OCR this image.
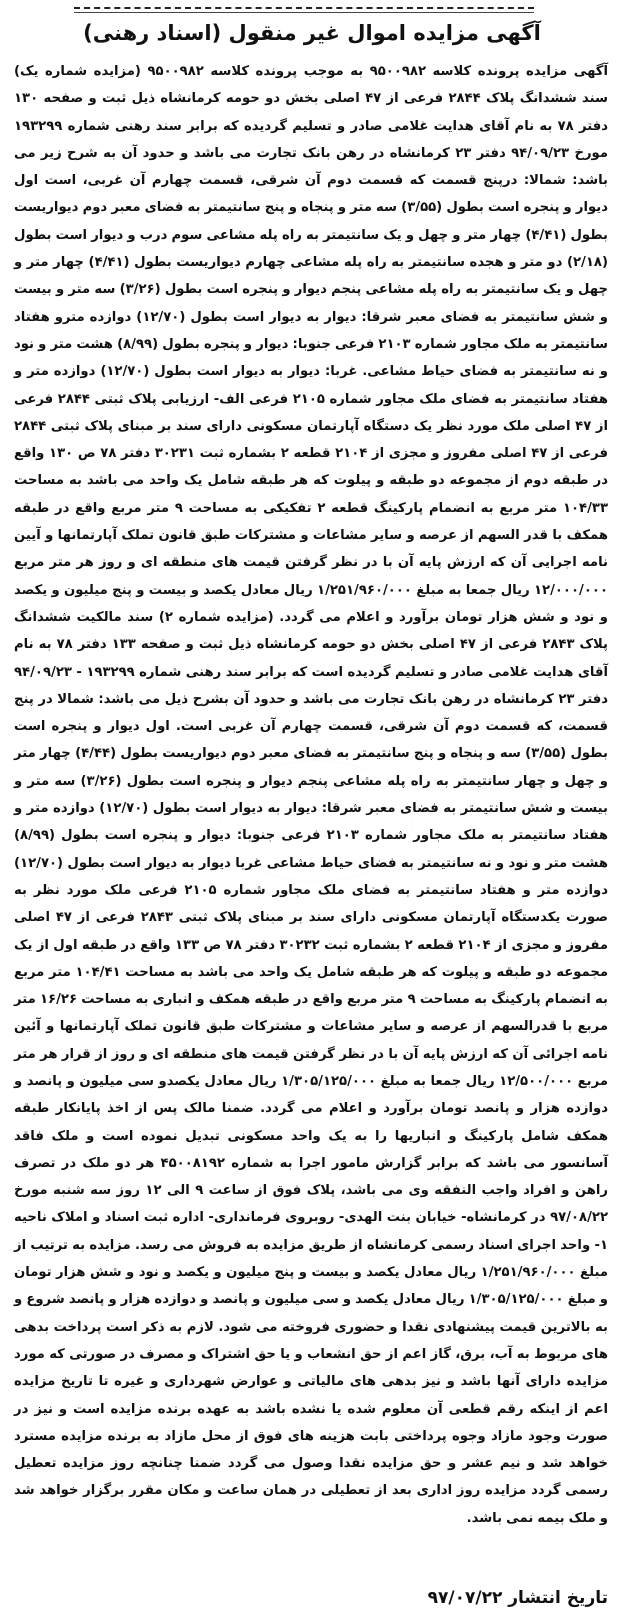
آگهی مزایده اموال غیر منقول (اسناد رهنی)
آگهی مزایده پرونده کلاسه ۹۵۰۰۹۸۲ به موجب پرونده کلاسه ۹۵۰۰۹۸۲ (مزایده شماره یک) سند ششدانگ پلاک ۲۸۴۴ فرعی از ۴۷ اصلی بخش دو حومه کرمانشاه ذیل ثبت و صفحه ۱۳۰ دفتر ۷۸ به نام آقای هدایت غلامی صادر و تسلیم گردیده که برابر سند رهنی شماره ۱۹۳۲۹۹ مورخ ۹۴/۰۹/۲۳ دفتر ۲۳ کرمانشاه در رهن بانک تجارت می باشد و حدود آن به شرح زیر می باشد: شمالا: درپنج قسمت که قسمت دوم آن شرقی، قسمت چهارم آن غربی، است اول دیوار و پنجره است بطول (۳/۵۵) سه متر و پنجاه و پنج سانتیمتر به فضای معبر دوم دیواریست بطول (۴/۴۱) چهار متر و چهل و یک سانتیمتر به راه پله مشاعی سوم درب و دیوار است بطول (۲/۱۸) دو متر و هجده سانتیمتر به راه پله مشاعی چهارم دیواریست بطول (۴/۴۱) چهار متر و چهل و یک سانتیمتر به راه پله مشاعی پنجم دیوار و پنجره است بطول (۳/۲۶) سه متر و بیست و شش سانتیمتر به فضای معبر شرقا: دیوار به دیوار است بطول (۱۲/۷۰) دوازده مترو هفتاد سانتیمتر به ملک مجاور شماره ۲۱۰۳ فرعی جنوبا: دیوار و پنجره بطول (۸/۹۹) هشت متر و نود و نه سانتیمتر به فضای حیاط مشاعی. غربا: دیوار به دیوار است بطول (۱۲/۷۰) دوازده متر و هفتاد سانتیمتر به فضای ملک مجاور شماره ۲۱۰۵ فرعی الف- ارزیابی پلاک ثبتی ۲۸۴۴ فرعی از ۴۷ اصلی ملک مورد نظر یک دستگاه آپارتمان مسکونی دارای سند بر مبنای پلاک ثبتی ۲۸۴۴ فرعی از ۴۷ اصلی مفروز و مجزی از ۲۱۰۴ قطعه ۲ بشماره ثبت ۳۰۲۳۱ دفتر ۷۸ ص ۱۳۰ واقع در طبقه دوم از مجموعه دو طبقه و پیلوت که هر طبقه شامل یک واحد می باشد به مساحت ۱۰۴/۳۳ متر مربع به انضمام پارکینگ قطعه ۲ تفکیکی به مساحت ۹ متر مربع واقع در طبقه همکف با قدر السهم از عرصه و سایر مشاعات و مشترکات طبق قانون تملک آپارتمانها و آیین نامه اجرایی آن که ارزش پایه آن با در نظر گرفتن قیمت های منطقه ای و روز هر متر مربع ۱۲/۰۰۰/۰۰۰ ریال جمعا به مبلغ ۱/۲۵۱/۹۶۰/۰۰۰ ریال معادل یکصد و بیست و پنج میلیون و یکصد و نود و شش هزار تومان برآورد و اعلام می گردد. (مزایده شماره ۲) سند مالکیت ششدانگ پلاک ۲۸۴۳ فرعی از ۴۷ اصلی بخش دو حومه کرمانشاه ذیل ثبت و صفحه ۱۳۳ دفتر ۷۸ به نام آقای هدایت غلامی صادر و تسلیم گردیده است که برابر سند رهنی شماره ۱۹۳۲۹۹ - ۹۴/۰۹/۲۳ دفتر ۲۳ کرمانشاه در رهن بانک تجارت می باشد و حدود آن بشرح ذیل می باشد: شمالا در پنج قسمت، که قسمت دوم آن شرقی، قسمت چهارم آن غربی است. اول دیوار و پنجره است بطول (۳/۵۵) سه و پنجاه و پنج سانتیمتر به فضای معبر دوم دیواریست بطول (۴/۴۴) چهار متر و چهل و چهار سانتیمتر به راه پله مشاعی پنجم دیوار و پنجره است بطول (۳/۲۶) سه متر و بیست و شش سانتیمتر به فضای معبر شرقا: دیوار به دیوار است بطول (۱۲/۷۰) دوازده متر و هفتاد سانتیمتر به ملک مجاور شماره ۲۱۰۳ فرعی جنوبا: دیوار و پنجره است بطول (۸/۹۹) هشت متر و نود و نه سانتیمتر به فضای حیاط مشاعی غربا دیوار به دیوار است بطول (۱۲/۷۰) دوازده متر و هفتاد سانتیمتر به فضای ملک مجاور شماره ۲۱۰۵ فرعی ملک مورد نظر به صورت یکدستگاه آپارتمان مسکونی دارای سند بر مبنای پلاک ثبتی ۲۸۴۳ فرعی از ۴۷ اصلی مفروز و مجزی از ۲۱۰۴ قطعه ۲ بشماره ثبت ۳۰۲۳۲ دفتر ۷۸ ص ۱۳۳ واقع در طبقه اول از یک مجموعه دو طبقه و پیلوت که هر طبقه شامل یک واحد می باشد به مساحت ۱۰۴/۴۱ متر مربع به انضمام پارکینگ به مساحت ۹ متر مربع واقع در طبقه همکف و انباری به مساحت ۱۶/۲۶ متر مربع با قدرالسهم از عرصه و سایر مشاعات و مشترکات طبق قانون تملک آپارتمانها و آئین نامه اجرائی آن که ارزش پایه آن با در نظر گرفتن قیمت های منطقه ای و روز از قرار هر متر مربع ۱۲/۵۰۰/۰۰۰ ریال جمعا به مبلغ ۱/۳۰۵/۱۲۵/۰۰۰ ریال معادل یکصدو سی میلیون و پانصد و دوازده هزار و پانصد تومان برآورد و اعلام می گردد. ضمنا مالک پس از اخذ پایانکار طبقه همکف شامل پارکینگ و انباریها را به یک واحد مسکونی تبدیل نموده است و ملک فاقد آسانسور می باشد که برابر گزارش مامور اجرا به شماره ۴۵۰۰۸۱۹۲ هر دو ملک در تصرف راهن و افراد واجب النفقه وی می باشد، پلاک فوق از ساعت ۹ الی ۱۲ روز سه شنبه مورخ ۹۷/۰۸/۲۲ در کرمانشاه- خیابان بنت الهدی- روبروی فرمانداری- اداره ثبت اسناد و املاک ناحیه ۱- واحد اجرای اسناد رسمی کرمانشاه از طریق مزایده به فروش می رسد. مزایده به ترتیب از مبلغ ۱/۲۵۱/۹۶۰/۰۰۰ ریال معادل یکصد و بیست و پنج میلیون و یکصد و نود و شش هزار تومان و مبلغ ۱/۳۰۵/۱۲۵/۰۰۰ ریال معادل یکصد و سی میلیون و پانصد و دوازده هزار و پانصد شروع و به بالاترین قیمت پیشنهادی نقدا و حضوری فروخته می شود. لازم به ذکر است پرداخت بدهی های مربوط به آب، برق، گاز اعم از حق انشعاب و یا حق اشتراک و مصرف در صورتی که مورد مزایده دارای آنها باشد و نیز بدهی های مالیاتی و عوارض شهرداری و غیره تا تاریخ مزایده اعم از اینکه رقم قطعی آن معلوم شده یا نشده باشد به عهده برنده مزایده است و نیز در صورت وجود مازاد وجوه پرداختی بابت هزینه های فوق از محل مازاد به برنده مزایده مسترد خواهد شد و نیم عشر و حق مزایده نقدا وصول می گردد ضمنا چنانچه روز مزایده تعطیل رسمی گردد مزایده روز اداری بعد از تعطیلی در همان ساعت و مکان مقرر برگزار خواهد شد و ملک بیمه نمی باشد.
تاریخ انتشار ۹۷/۰۷/۲۲
